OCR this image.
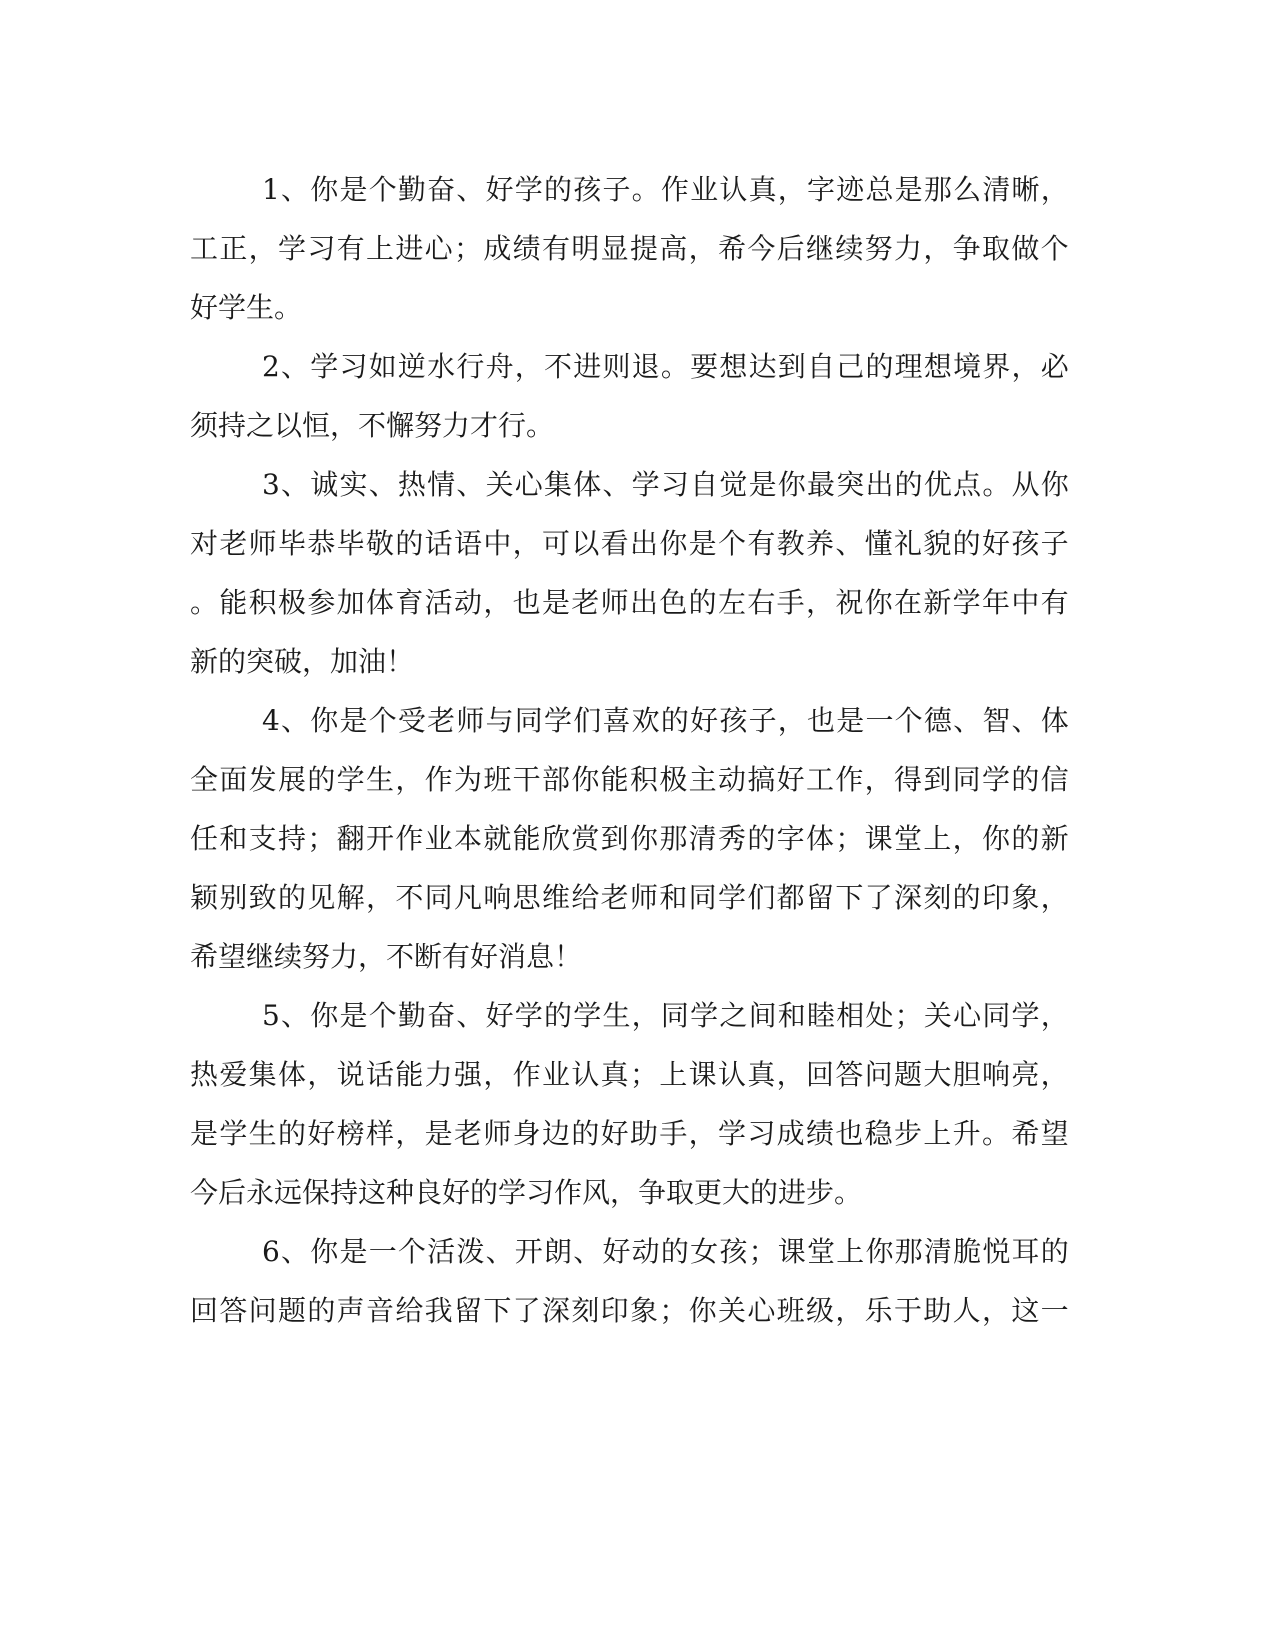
1、你是个勤奋、好学的孩子。作业认真，字迹总是那么清晰，
工正，学习有上进心；成绩有明显提高，希今后继续努力，争取做个
好学生。
2、学习如逆水行舟，不进则退。要想达到自己的理想境界，必
须持之以恒，不懈努力才行。
3、诚实、热情、关心集体、学习自觉是你最突出的优点。从你
对老师毕恭毕敬的话语中，可以看出你是个有教养、懂礼貌的好孩子
。能积极参加体育活动，也是老师出色的左右手，祝你在新学年中有
新的突破，加油！
4、你是个受老师与同学们喜欢的好孩子，也是一个德、智、体
全面发展的学生，作为班干部你能积极主动搞好工作，得到同学的信
任和支持；翻开作业本就能欣赏到你那清秀的字体；课堂上，你的新
颖别致的见解，不同凡响思维给老师和同学们都留下了深刻的印象，
希望继续努力，不断有好消息！
5、你是个勤奋、好学的学生，同学之间和睦相处；关心同学，
热爱集体，说话能力强，作业认真；上课认真，回答问题大胆响亮，
是学生的好榜样，是老师身边的好助手，学习成绩也稳步上升。希望
今后永远保持这种良好的学习作风，争取更大的进步。
6、你是一个活泼、开朗、好动的女孩；课堂上你那清脆悦耳的
回答问题的声音给我留下了深刻印象；你关心班级，乐于助人，这一
